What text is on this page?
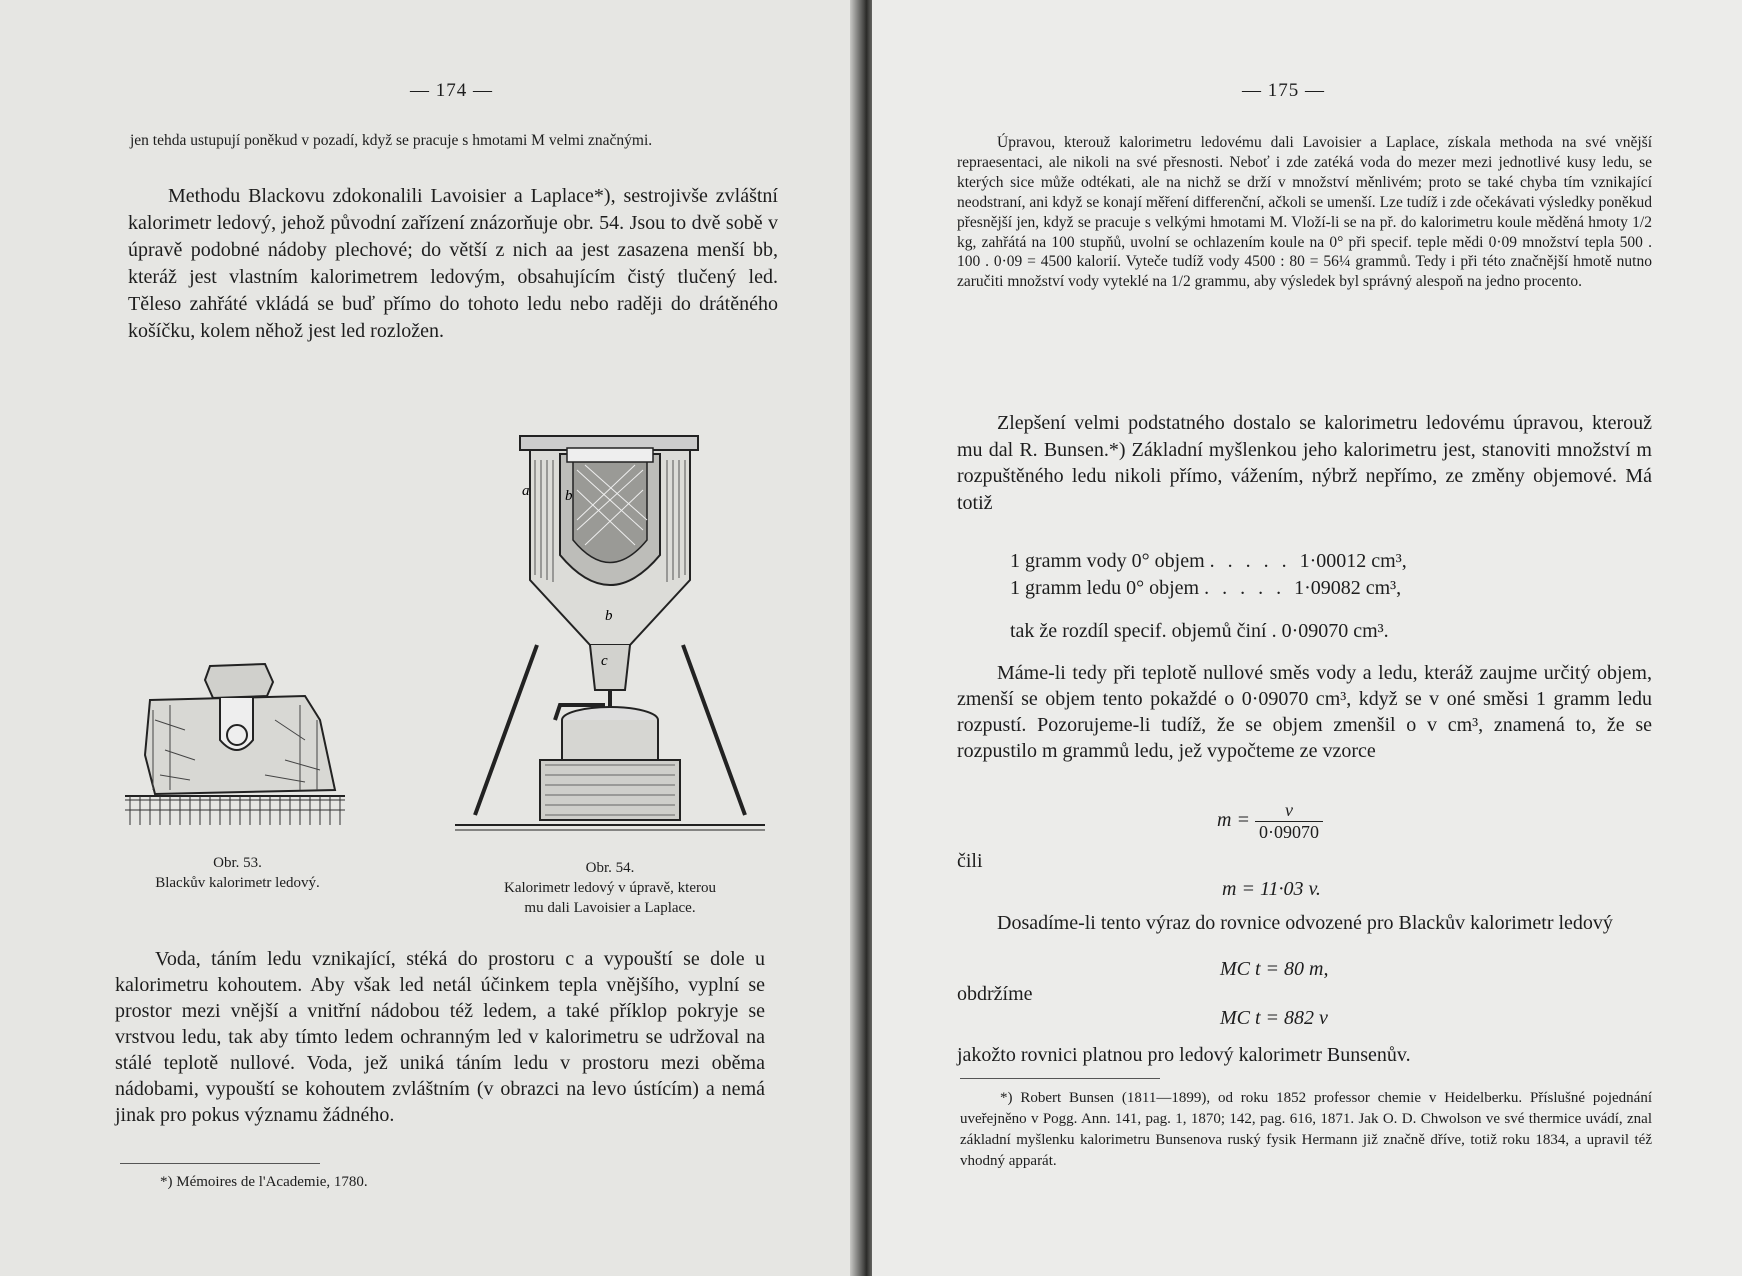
— 174 —

jen tehda ustupují poněkud v pozadí, když se pracuje s hmotami M velmi značnými.

Methodu Blackovu zdokonalili Lavoisier a Laplace*), sestrojivše zvláštní kalorimetr ledový, jehož původní zařízení znázorňuje obr. 54. Jsou to dvě sobě v úpravě podobné nádoby plechové; do větší z nich aa jest zasazena menší bb, kteráž jest vlastním kalorimetrem ledovým, obsahujícím čistý tlučený led. Těleso zahřáté vkládá se buď přímo do tohoto ledu nebo raději do drátěného košíčku, kolem něhož jest led rozložen.

Obr. 53.
Blackův kalorimetr ledový.
a b
b
c
Obr. 54.
Kalorimetr ledový v úpravě, kterou
mu dali Lavoisier a Laplace.

Voda, táním ledu vznikající, stéká do prostoru c a vypouští se dole u kalorimetru kohoutem. Aby však led netál účinkem tepla vnějšího, vyplní se prostor mezi vnější a vnitřní nádobou též ledem, a také příklop pokryje se vrstvou ledu, tak aby tímto ledem ochranným led v kalorimetru se udržoval na stálé teplotě nullové. Voda, jež uniká táním ledu v prostoru mezi oběma nádobami, vypouští se kohoutem zvláštním (v obrazci na levo ústícím) a nemá jinak pro pokus významu žádného.

*) Mémoires de l'Academie, 1780.

— 175 —

Úpravou, kterouž kalorimetru ledovému dali Lavoisier a Laplace, získala methoda na své vnější repraesentaci, ale nikoli na své přesnosti. Neboť i zde zatéká voda do mezer mezi jednotlivé kusy ledu, se kterých sice může odtékati, ale na nichž se drží v množství měnlivém; proto se také chyba tím vznikající neodstraní, ani když se konají měření differenční, ačkoli se umenší. Lze tudíž i zde očekávati výsledky poněkud přesnější jen, když se pracuje s velkými hmotami M. Vloží-li se na př. do kalorimetru koule měděná hmoty 1/2 kg, zahřátá na 100 stupňů, uvolní se ochlazením koule na 0° při specif. teple mědi 0·09 množství tepla 500 . 100 . 0·09 = 4500 kalorií. Vyteče tudíž vody 4500 : 80 = 56¼ grammů. Tedy i při této značnější hmotě nutno zaručiti množství vody vyteklé na 1/2 grammu, aby výsledek byl správný alespoň na jedno procento.

Zlepšení velmi podstatného dostalo se kalorimetru ledovému úpravou, kterouž mu dal R. Bunsen.*) Základní myšlenkou jeho kalorimetru jest, stanoviti množství m rozpuštěného ledu nikoli přímo, vážením, nýbrž nepřímo, ze změny objemové. Má totiž

1 gramm vody 0° objem . . . . . 1·00012 cm³,
1 gramm ledu 0° objem . . . . . 1·09082 cm³,
tak že rozdíl specif. objemů činí . 0·09070 cm³.

Máme-li tedy při teplotě nullové směs vody a ledu, kteráž zaujme určitý objem, zmenší se objem tento pokaždé o 0·09070 cm³, když se v oné směsi 1 gramm ledu rozpustí. Pozorujeme-li tudíž, že se objem zmenšil o v cm³, znamená to, že se rozpustilo m grammů ledu, jež vypočteme ze vzorce

$m = \frac{v}{0\cdot 09070}$
čili
m = 11·03 v.

Dosadíme-li tento výraz do rovnice odvozené pro Blackův kalorimetr ledový

MC t = 80 m,
obdržíme
MC t = 882 v

jakožto rovnici platnou pro ledový kalorimetr Bunsenův.

*) Robert Bunsen (1811—1899), od roku 1852 professor chemie v Heidelberku. Příslušné pojednání uveřejněno v Pogg. Ann. 141, pag. 1, 1870; 142, pag. 616, 1871. Jak O. D. Chwolson ve své thermice uvádí, znal základní myšlenku kalorimetru Bunsenova ruský fysik Hermann již značně dříve, totiž roku 1834, a upravil též vhodný apparát.
